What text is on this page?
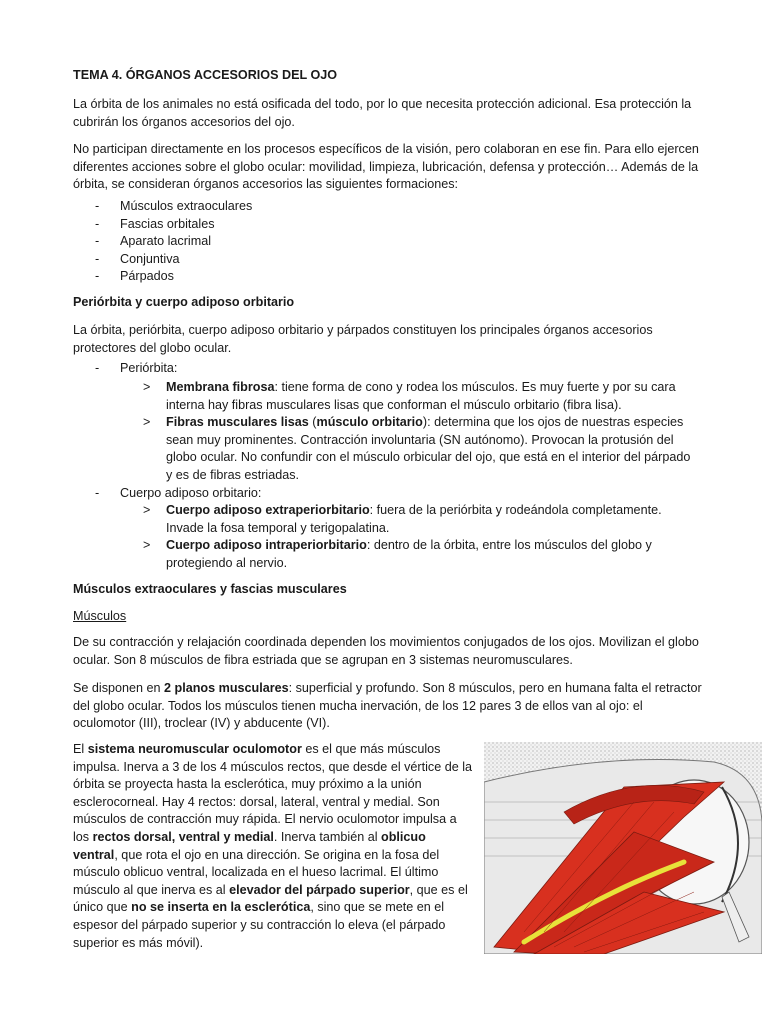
TEMA 4. ÓRGANOS ACCESORIOS DEL OJO

La órbita de los animales no está osificada del todo, por lo que necesita protección adicional. Esa protección la cubrirán los órganos accesorios del ojo.

No participan directamente en los procesos específicos de la visión, pero colaboran en ese fin. Para ello ejercen diferentes acciones sobre el globo ocular: movilidad, limpieza, lubricación, defensa y protección… Además de la órbita, se consideran órganos accesorios las siguientes formaciones:

- Músculos extraoculares
- Fascias orbitales
- Aparato lacrimal
- Conjuntiva
- Párpados

Periórbita y cuerpo adiposo orbitario

La órbita, periórbita, cuerpo adiposo orbitario y párpados constituyen los principales órganos accesorios protectores del globo ocular.

- Periórbita:
> Membrana fibrosa: tiene forma de cono y rodea los músculos. Es muy fuerte y por su cara interna hay fibras musculares lisas que conforman el músculo orbitario (fibra lisa).
> Fibras musculares lisas (músculo orbitario): determina que los ojos de nuestras especies sean muy prominentes. Contracción involuntaria (SN autónomo). Provocan la protusión del globo ocular. No confundir con el músculo orbicular del ojo, que está en el interior del párpado y es de fibras estriadas.
- Cuerpo adiposo orbitario:
> Cuerpo adiposo extraperiorbitario: fuera de la periórbita y rodeándola completamente. Invade la fosa temporal y terigopalatina.
> Cuerpo adiposo intraperiorbitario: dentro de la órbita, entre los músculos del globo y protegiendo al nervio.

Músculos extraoculares y fascias musculares

Músculos

De su contracción y relajación coordinada dependen los movimientos conjugados de los ojos. Movilizan el globo ocular. Son 8 músculos de fibra estriada que se agrupan en 3 sistemas neuromusculares.

Se disponen en 2 planos musculares: superficial y profundo. Son 8 músculos, pero en humana falta el retractor del globo ocular. Todos los músculos tienen mucha inervación, de los 12 pares 3 de ellos van al ojo: el oculomotor (III), troclear (IV) y abducente (VI).

El sistema neuromuscular oculomotor es el que más músculos impulsa. Inerva a 3 de los 4 músculos rectos, que desde el vértice de la órbita se proyecta hasta la esclerótica, muy próximo a la unión esclerocorneal. Hay 4 rectos: dorsal, lateral, ventral y medial. Son músculos de contracción muy rápida. El nervio oculomotor impulsa a los rectos dorsal, ventral y medial. Inerva también al oblicuo ventral, que rota el ojo en una dirección. Se origina en la fosa del músculo oblicuo ventral, localizada en el hueso lacrimal. El último músculo al que inerva es al elevador del párpado superior, que es el único que no se inserta en la esclerótica, sino que se mete en el espesor del párpado superior y su contracción lo eleva (el párpado superior es más móvil).
